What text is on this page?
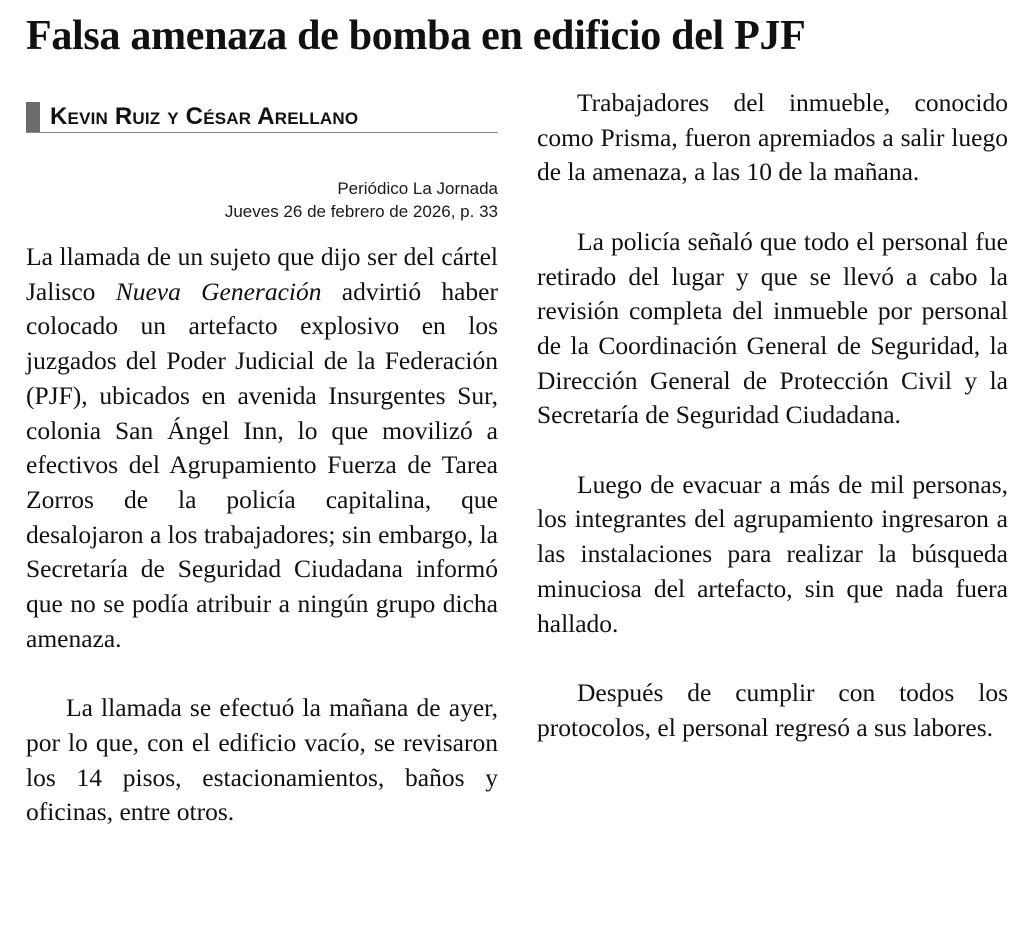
Falsa amenaza de bomba en edificio del PJF
Kevin Ruiz y César Arellano
Periódico La Jornada
Jueves 26 de febrero de 2026, p. 33

La llamada de un sujeto que dijo ser del cártel Jalisco Nueva Generación advirtió haber colocado un artefacto explosivo en los juzgados del Poder Judicial de la Federación (PJF), ubicados en avenida Insurgentes Sur, colonia San Ángel Inn, lo que movilizó a efectivos del Agrupamiento Fuerza de Tarea Zorros de la policía capitalina, que desalojaron a los trabajadores; sin embargo, la Secretaría de Seguridad Ciudadana informó que no se podía atribuir a ningún grupo dicha amenaza.

La llamada se efectuó la mañana de ayer, por lo que, con el edificio vacío, se revisaron los 14 pisos, estacionamientos, baños y oficinas, entre otros.

Trabajadores del inmueble, conocido como Prisma, fueron apremiados a salir luego de la amenaza, a las 10 de la mañana.

La policía señaló que todo el personal fue retirado del lugar y que se llevó a cabo la revisión completa del inmueble por personal de la Coordinación General de Seguridad, la Dirección General de Protección Civil y la Secretaría de Seguridad Ciudadana.

Luego de evacuar a más de mil personas, los integrantes del agrupamiento ingresaron a las instalaciones para realizar la búsqueda minuciosa del artefacto, sin que nada fuera hallado.

Después de cumplir con todos los protocolos, el personal regresó a sus labores.
